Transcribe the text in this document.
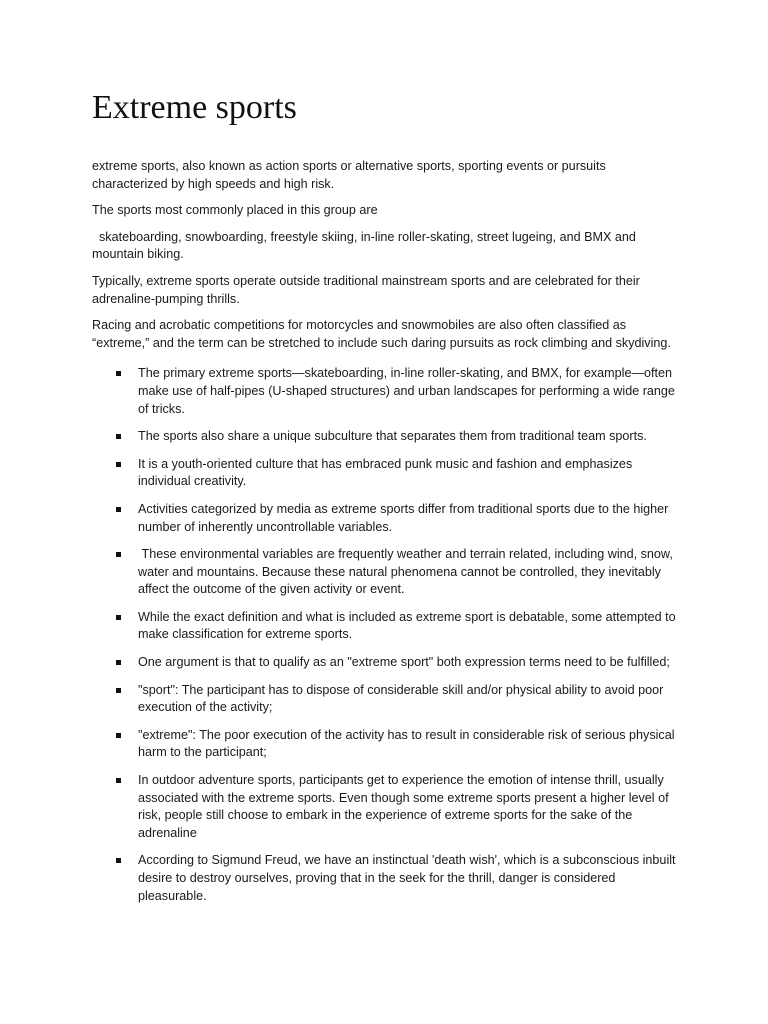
Extreme sports

extreme sports, also known as action sports or alternative sports, sporting events or pursuits characterized by high speeds and high risk.

The sports most commonly placed in this group are

skateboarding, snowboarding, freestyle skiing, in-line roller-skating, street lugeing, and BMX and mountain biking.

Typically, extreme sports operate outside traditional mainstream sports and are celebrated for their adrenaline-pumping thrills.

Racing and acrobatic competitions for motorcycles and snowmobiles are also often classified as “extreme,” and the term can be stretched to include such daring pursuits as rock climbing and skydiving.

The primary extreme sports—skateboarding, in-line roller-skating, and BMX, for example—often make use of half-pipes (U-shaped structures) and urban landscapes for performing a wide range of tricks.
The sports also share a unique subculture that separates them from traditional team sports.
It is a youth-oriented culture that has embraced punk music and fashion and emphasizes individual creativity.
Activities categorized by media as extreme sports differ from traditional sports due to the higher number of inherently uncontrollable variables.
These environmental variables are frequently weather and terrain related, including wind, snow, water and mountains. Because these natural phenomena cannot be controlled, they inevitably affect the outcome of the given activity or event.
While the exact definition and what is included as extreme sport is debatable, some attempted to make classification for extreme sports.
One argument is that to qualify as an "extreme sport" both expression terms need to be fulfilled;
"sport": The participant has to dispose of considerable skill and/or physical ability to avoid poor execution of the activity;
"extreme": The poor execution of the activity has to result in considerable risk of serious physical harm to the participant;
In outdoor adventure sports, participants get to experience the emotion of intense thrill, usually associated with the extreme sports. Even though some extreme sports present a higher level of risk, people still choose to embark in the experience of extreme sports for the sake of the adrenaline
According to Sigmund Freud, we have an instinctual 'death wish', which is a subconscious inbuilt desire to destroy ourselves, proving that in the seek for the thrill, danger is considered pleasurable.
